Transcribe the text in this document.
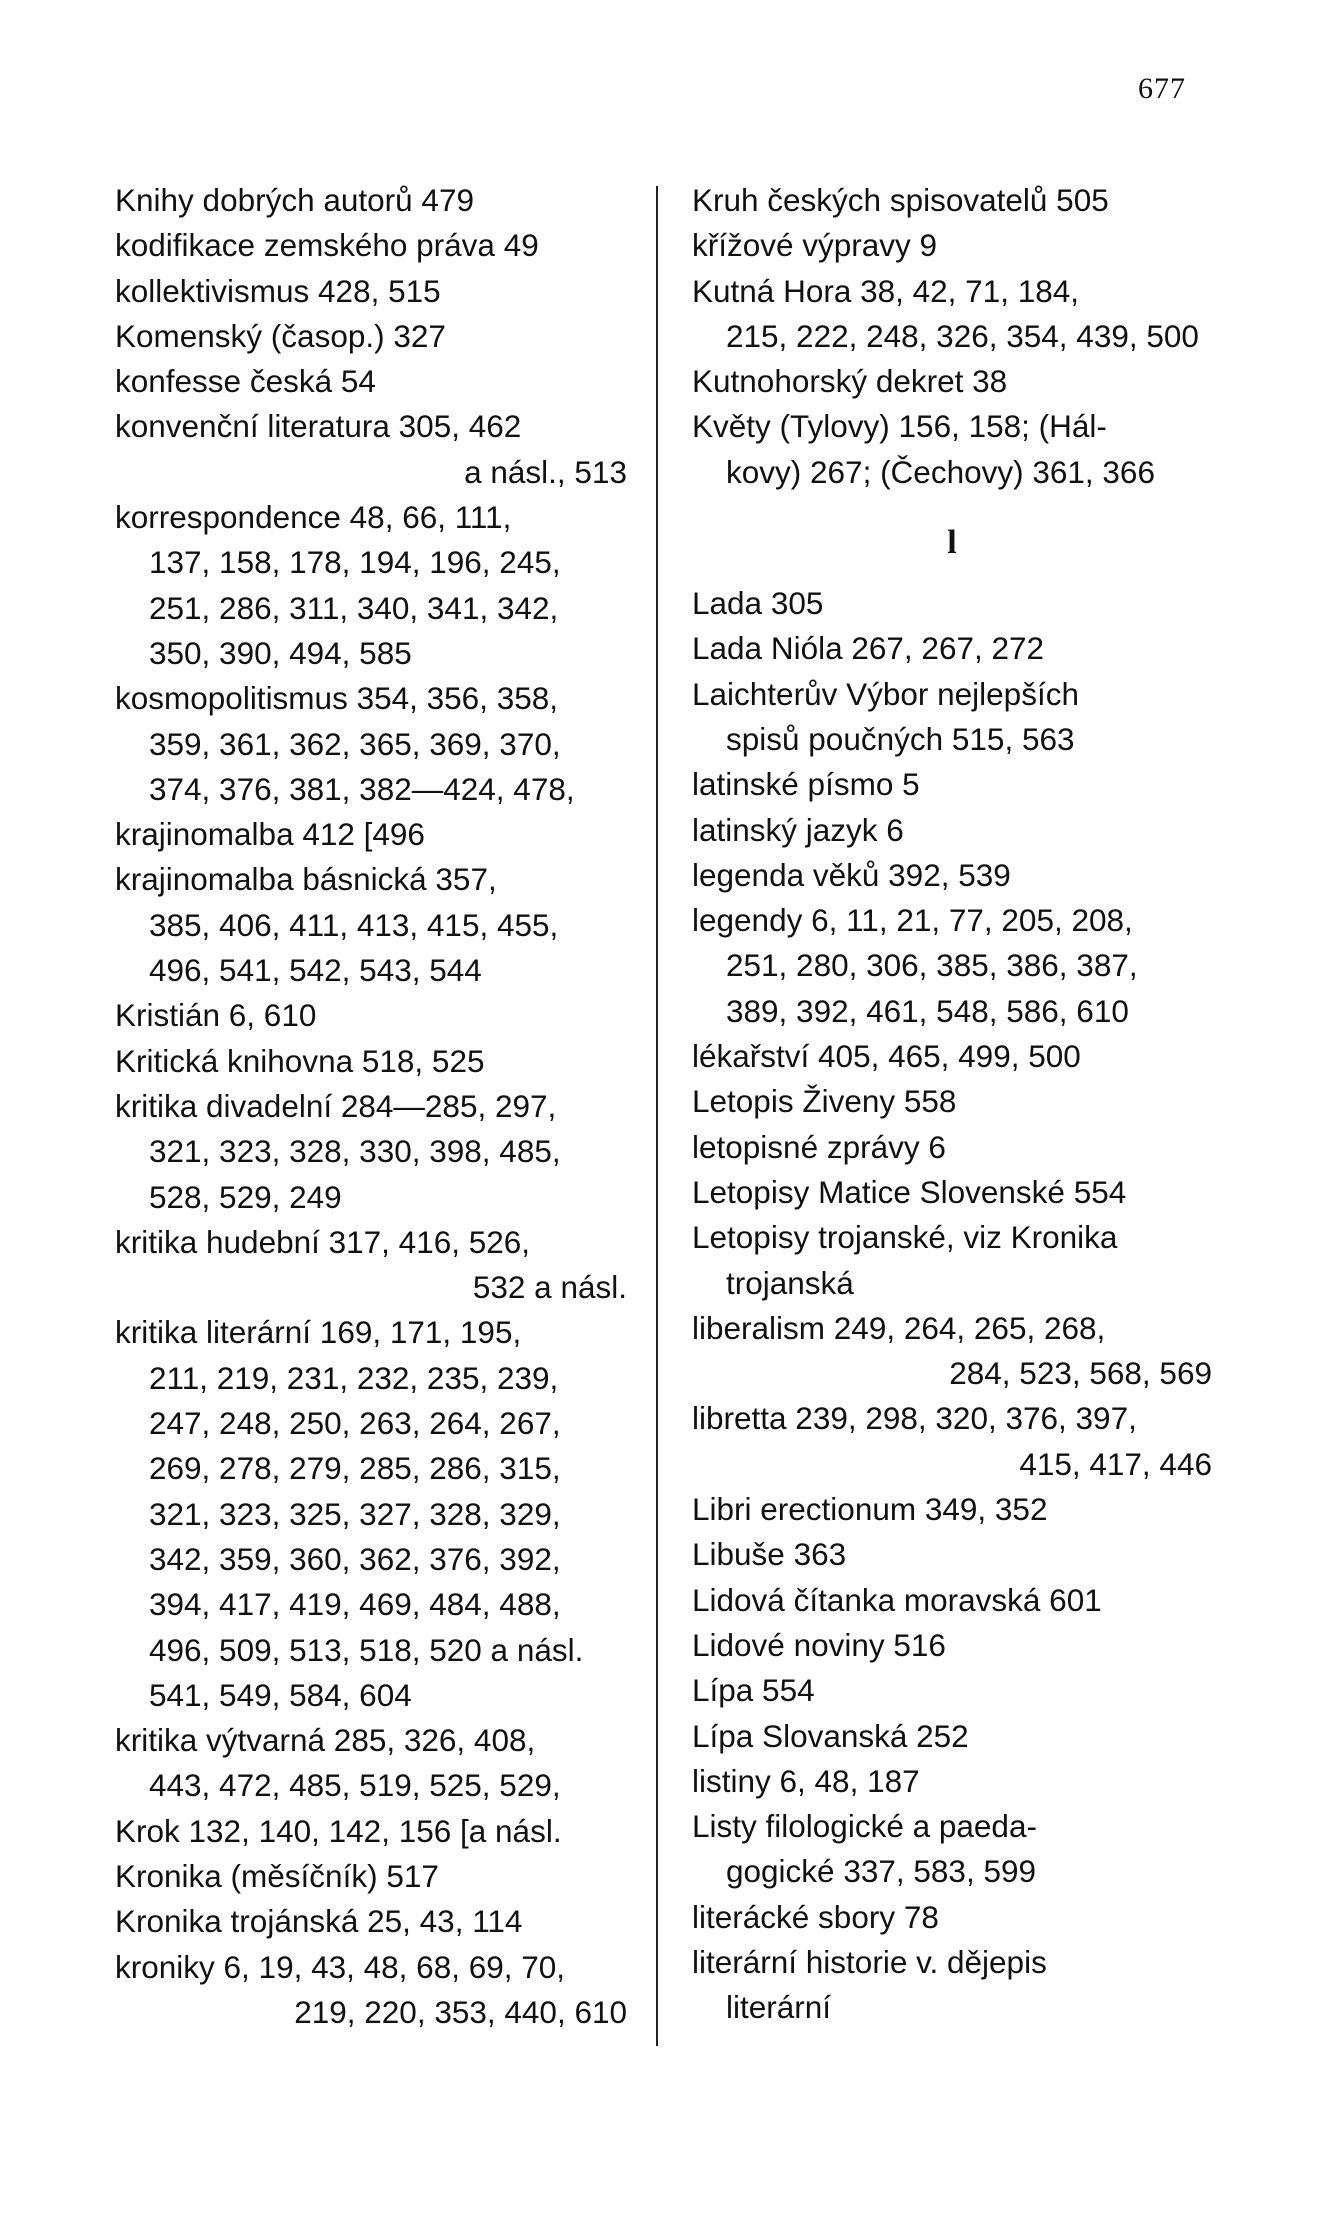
677
Knihy dobrých autorů 479
kodifikace zemského práva 49
kollektivismus 428, 515
Komenský (časop.) 327
konfesse česká 54
konvenční literatura 305, 462
a násl., 513
korrespondence 48, 66, 111,
137, 158, 178, 194, 196, 245,
251, 286, 311, 340, 341, 342,
350, 390, 494, 585
kosmopolitismus 354, 356, 358,
359, 361, 362, 365, 369, 370,
374, 376, 381, 382—424, 478,
krajinomalba 412 [496
krajinomalba básnická 357,
385, 406, 411, 413, 415, 455,
496, 541, 542, 543, 544
Kristián 6, 610
Kritická knihovna 518, 525
kritika divadelní 284—285, 297,
321, 323, 328, 330, 398, 485,
528, 529, 249
kritika hudební 317, 416, 526,
532 a násl.
kritika literární 169, 171, 195,
211, 219, 231, 232, 235, 239,
247, 248, 250, 263, 264, 267,
269, 278, 279, 285, 286, 315,
321, 323, 325, 327, 328, 329,
342, 359, 360, 362, 376, 392,
394, 417, 419, 469, 484, 488,
496, 509, 513, 518, 520 a násl.
541, 549, 584, 604
kritika výtvarná 285, 326, 408,
443, 472, 485, 519, 525, 529,
Krok 132, 140, 142, 156 [a násl.
Kronika (měsíčník) 517
Kronika trojánská 25, 43, 114
kroniky 6, 19, 43, 48, 68, 69, 70,
219, 220, 353, 440, 610
Kruh českých spisovatelů 505
křížové výpravy 9
Kutná Hora 38, 42, 71, 184,
215, 222, 248, 326, 354, 439, 500
Kutnohorský dekret 38
Květy (Tylovy) 156, 158; (Hál-
kovy) 267; (Čechovy) 361, 366
l
Lada 305
Lada Nióla 267, 267, 272
Laichterův Výbor nejlepších
spisů poučných 515, 563
latinské písmo 5
latinský jazyk 6
legenda věků 392, 539
legendy 6, 11, 21, 77, 205, 208,
251, 280, 306, 385, 386, 387,
389, 392, 461, 548, 586, 610
lékařství 405, 465, 499, 500
Letopis Živeny 558
letopisné zprávy 6
Letopisy Matice Slovenské 554
Letopisy trojanské, viz Kronika
trojanská
liberalism 249, 264, 265, 268,
284, 523, 568, 569
libretta 239, 298, 320, 376, 397,
415, 417, 446
Libri erectionum 349, 352
Libuše 363
Lidová čítanka moravská 601
Lidové noviny 516
Lípa 554
Lípa Slovanská 252
listiny 6, 48, 187
Listy filologické a paeda-
gogické 337, 583, 599
literácké sbory 78
literární historie v. dějepis
literární
